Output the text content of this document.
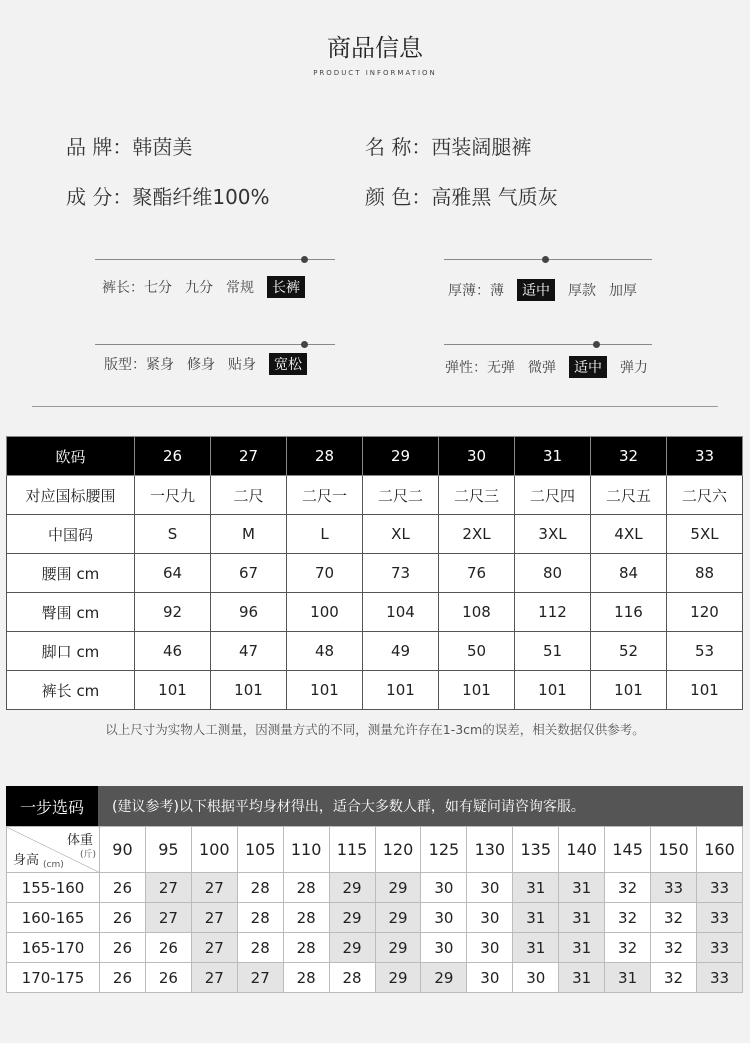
商品信息
PRODUCT INFORMATION
品 牌：韩茵美	名 称：西装阔腿裤
成 分：聚酯纤维100%	颜 色：高雅黑 气质灰
裤长： 七分 九分 常规	长裤	厚薄： 薄	适中	厚款 加厚
版型： 紧身 修身 贴身	宽松	弹性： 无弹 微弹	适中	弹力
欧码	26	27	28	29	30	31	32	33
对应国标腰围	一尺九	二尺	二尺一	二尺二	二尺三	二尺四	二尺五	二尺六
中国码	S	M	L	XL	2XL	3XL	4XL	5XL
腰围 cm	64	67	70	73	76	80	84	88
臀围 cm	92	96	100	104	108	112	116	120
脚口 cm	46	47	48	49	50	51	52	53
裤长 cm	101	101	101	101	101	101	101	101
以上尺寸为实物人工测量，因测量方式的不同，测量允许存在1-3cm的误差，相关数据仅供参考。
一步选码	(建议参考)以下根据平均身材得出，适合大多数人群，如有疑问请咨询客服。
体重
(斤)
身高 (cm)	90	95	100	105	110	115	120	125	130	135	140	145	150	160
155-160	26	27	27	28	28	29	29	30	30	31	31	32	33	33
160-165	26	27	27	28	28	29	29	30	30	31	31	32	32	33
165-170	26	26	27	28	28	29	29	30	30	31	31	32	32	33
170-175	26	26	27	27	28	28	29	29	30	30	31	31	32	33
